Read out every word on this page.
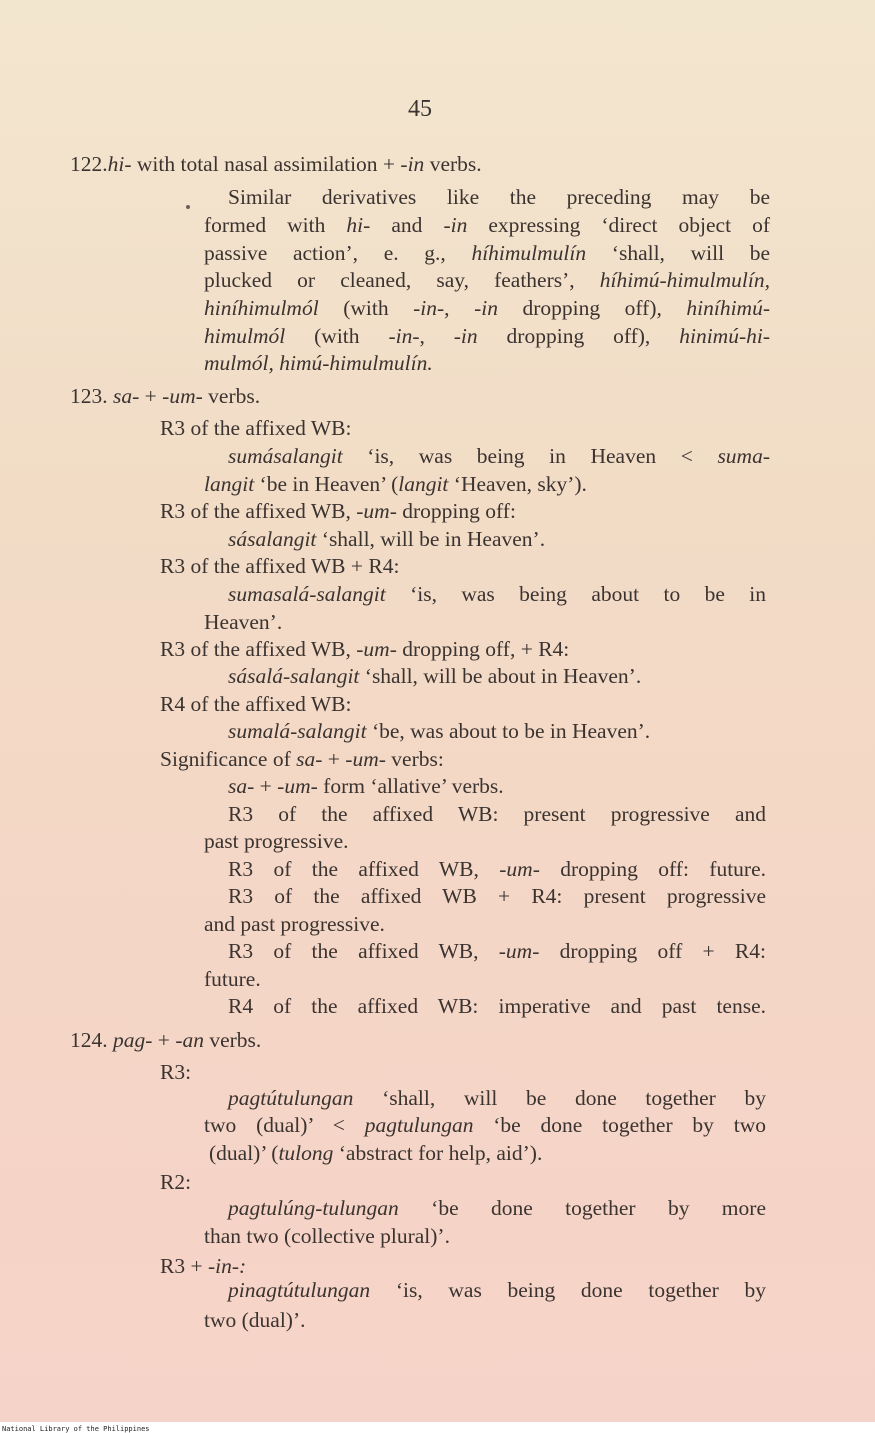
45
122.hi- with total nasal assimilation + -in verbs.
Similar derivatives like the preceding may be
formed with hi- and -in expressing ‘direct object of
passive action’, e. g., híhimulmulín ‘shall, will be
plucked or cleaned, say, feathers’, híhimú-himulmulín,
hiníhimulmól (with -in-, -in dropping off), hiníhimú-
himulmól (with -in-, -in dropping off), hinimú-hi-
mulmól, himú-himulmulín.
123. sa- + -um- verbs.
R3 of the affixed WB:
sumásalangit ‘is, was being in Heaven < suma-
langit ‘be in Heaven’ (langit ‘Heaven, sky’).
R3 of the affixed WB, -um- dropping off:
sásalangit ‘shall, will be in Heaven’.
R3 of the affixed WB + R4:
sumasalá-salangit ‘is, was being about to be in
Heaven’.
R3 of the affixed WB, -um- dropping off, + R4:
sásalá-salangit ‘shall, will be about in Heaven’.
R4 of the affixed WB:
sumalá-salangit ‘be, was about to be in Heaven’.
Significance of sa- + -um- verbs:
sa- + -um- form ‘allative’ verbs.
R3 of the affixed WB: present progressive and
past progressive.
R3 of the affixed WB, -um- dropping off: future.
R3 of the affixed WB + R4: present progressive
and past progressive.
R3 of the affixed WB, -um- dropping off + R4:
future.
R4 of the affixed WB: imperative and past tense.
124. pag- + -an verbs.
R3:
pagtútulungan ‘shall, will be done together by
two (dual)’ < pagtulungan ‘be done together by two
(dual)’ (tulong ‘abstract for help, aid’).
R2:
pagtulúng-tulungan ‘be done together by more
than two (collective plural)’.
R3 + -in-:
pinagtútulungan ‘is, was being done together by
two (dual)’.
National Library of the Philippines
